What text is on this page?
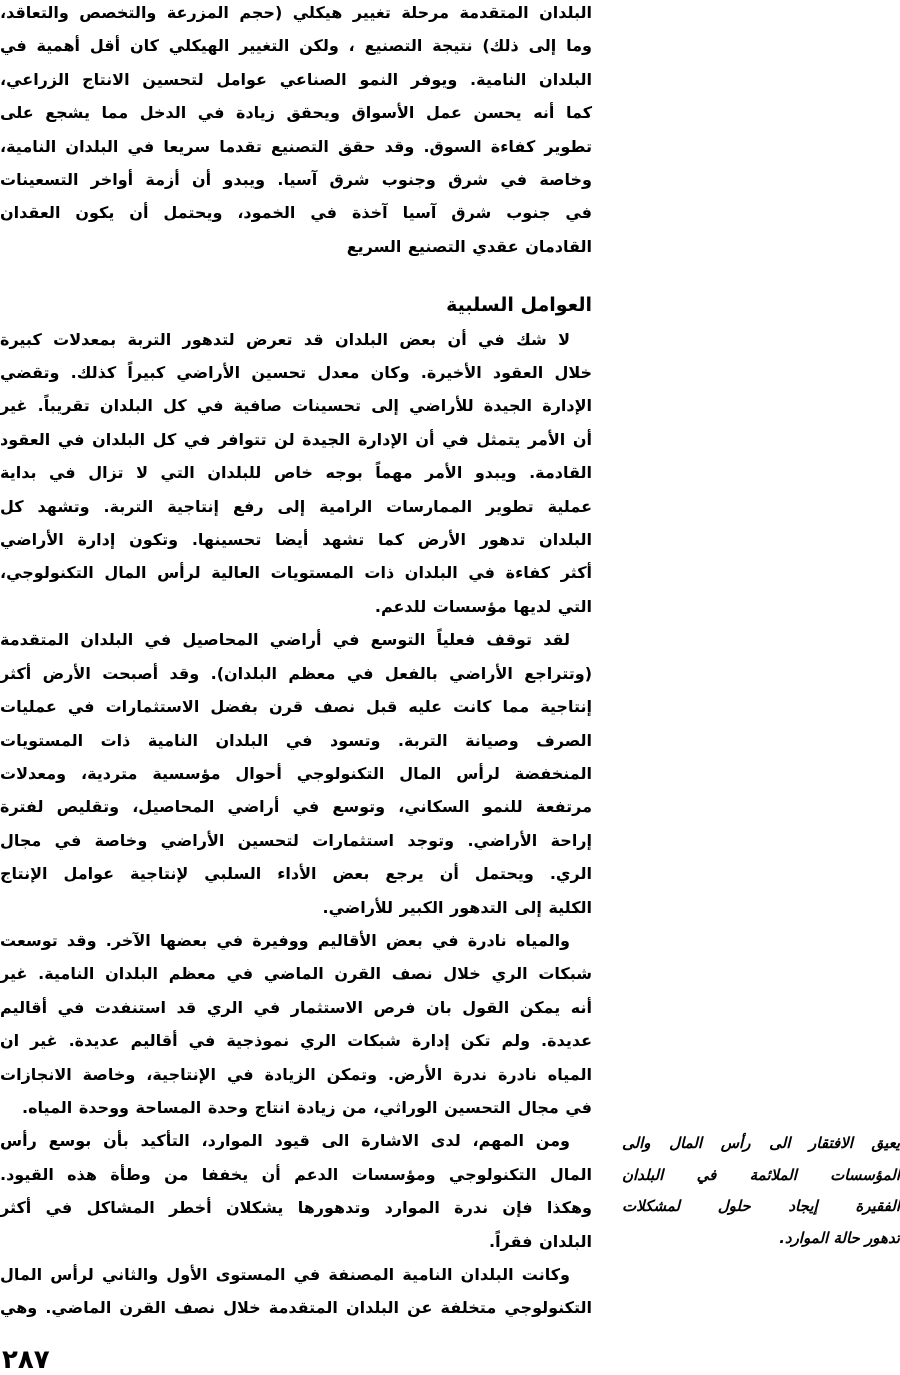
البلدان المتقدمة مرحلة تغيير هيكلي (حجم المزرعة والتخصص والتعاقد،
وما إلى ذلك) نتيجة التصنيع ، ولكن التغيير الهيكلي كان أقل أهمية في
البلدان النامية. ويوفر النمو الصناعي عوامل لتحسين الانتاج الزراعي،
كما أنه يحسن عمل الأسواق ويحقق زيادة في الدخل مما يشجع على
تطوير كفاءة السوق. وقد حقق التصنيع تقدما سريعا في البلدان النامية،
وخاصة في شرق وجنوب شرق آسيا. ويبدو أن أزمة أواخر التسعينات
في جنوب شرق آسيا آخذة في الخمود، ويحتمل أن يكون العقدان
القادمان عقدي التصنيع السريع
العوامل السلبية
لا شك في أن بعض البلدان قد تعرض لتدهور التربة بمعدلات كبيرة
خلال العقود الأخيرة. وكان معدل تحسين الأراضي كبيراً كذلك. وتقضي
الإدارة الجيدة للأراضي إلى تحسينات صافية في كل البلدان تقريباً. غير
أن الأمر يتمثل في أن الإدارة الجيدة لن تتوافر في كل البلدان في العقود
القادمة. ويبدو الأمر مهماً بوجه خاص للبلدان التي لا تزال في بداية
عملية تطوير الممارسات الرامية إلى رفع إنتاجية التربة. وتشهد كل
البلدان تدهور الأرض كما تشهد أيضا تحسينها. وتكون إدارة الأراضي
أكثر كفاءة في البلدان ذات المستويات العالية لرأس المال التكنولوجي،
التي لديها مؤسسات للدعم.
لقد توقف فعلياً التوسع في أراضي المحاصيل في البلدان المتقدمة
(وتتراجع الأراضي بالفعل في معظم البلدان). وقد أصبحت الأرض أكثر
إنتاجية مما كانت عليه قبل نصف قرن بفضل الاستثمارات في عمليات
الصرف وصيانة التربة. وتسود في البلدان النامية ذات المستويات
المنخفضة لرأس المال التكنولوجي أحوال مؤسسية متردية، ومعدلات
مرتفعة للنمو السكاني، وتوسع في أراضي المحاصيل، وتقليص لفترة
إراحة الأراضي. وتوجد استثمارات لتحسين الأراضي وخاصة في مجال
الري. ويحتمل أن يرجع بعض الأداء السلبي لإنتاجية عوامل الإنتاج
الكلية إلى التدهور الكبير للأراضي.
والمياه نادرة في بعض الأقاليم ووفيرة في بعضها الآخر. وقد توسعت
شبكات الري خلال نصف القرن الماضي في معظم البلدان النامية. غير
أنه يمكن القول بان فرص الاستثمار في الري قد استنفدت في أقاليم
عديدة. ولم تكن إدارة شبكات الري نموذجية في أقاليم عديدة. غير ان
المياه نادرة ندرة الأرض. وتمكن الزيادة في الإنتاجية، وخاصة الانجازات
في مجال التحسين الوراثي، من زيادة انتاج وحدة المساحة ووحدة المياه.
ومن المهم، لدى الاشارة الى قيود الموارد، التأكيد بأن بوسع رأس
المال التكنولوجي ومؤسسات الدعم أن يخففا من وطأة هذه القيود.
وهكذا فإن ندرة الموارد وتدهورها يشكلان أخطر المشاكل في أكثر
البلدان فقراً.
وكانت البلدان النامية المصنفة في المستوى الأول والثاني لرأس المال
التكنولوجي متخلفة عن البلدان المتقدمة خلال نصف القرن الماضي. وهي
يعيق الافتقار الى رأس المال والى
المؤسسات الملائمة في البلدان
الفقيرة إيجاد حلول لمشكلات
تدهور حالة الموارد.
٢٨٧
